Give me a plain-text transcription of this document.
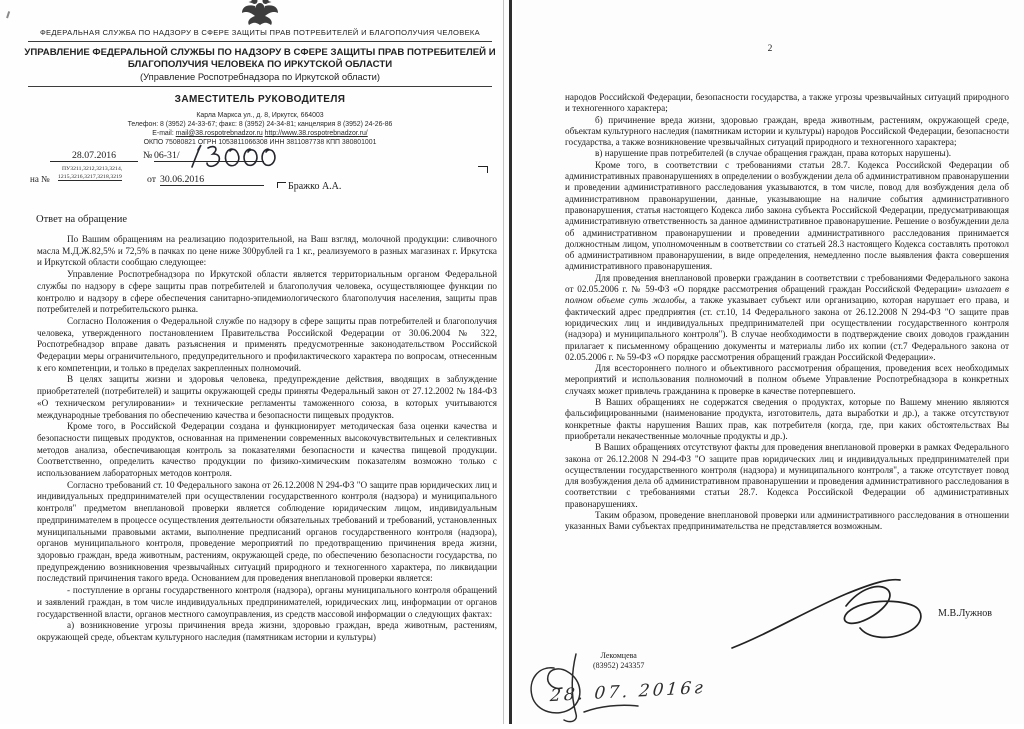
ФЕДЕРАЛЬНАЯ СЛУЖБА ПО НАДЗОРУ В СФЕРЕ ЗАЩИТЫ ПРАВ ПОТРЕБИТЕЛЕЙ И БЛАГОПОЛУЧИЯ ЧЕЛОВЕКА
УПРАВЛЕНИЕ ФЕДЕРАЛЬНОЙ СЛУЖБЫ ПО НАДЗОРУ В СФЕРЕ ЗАЩИТЫ ПРАВ ПОТРЕБИТЕЛЕЙ И БЛАГОПОЛУЧИЯ ЧЕЛОВЕКА ПО ИРКУТСКОЙ ОБЛАСТИ
(Управление Роспотребнадзора по Иркутской области)
ЗАМЕСТИТЕЛЬ РУКОВОДИТЕЛЯ
Карла Маркса ул., д. 8, Иркутск, 664003
Телефон: 8 (3952) 24-33-67; факс: 8 (3952) 24-34-81; канцелярия 8 (3952) 24-26-86
E-mail: mail@38.rospotrebnadzor.ru http://www.38.rospotrebnadzor.ru/
ОКПО 75080821 ОГРН 1053811066308 ИНН 3811087738 КПП 380801001
28.07.2016	№ 06-31/
ПУ3211,3212,3213,3214,
на № 1215,3216,3217,3218,3219	от 30.06.2016
Бражко А.А.
Ответ на обращение

По Вашим обращениям на реализацию подозрительной, на Ваш взгляд, молочной продукции: сливочного масла М.Д.Ж.82,5% и 72,5% в пачках по цене ниже 300рублей га 1 кг., реализуемого в разных магазинах г. Иркутска и Иркутской области сообщаю следующее:

Управление Роспотребнадзора по Иркутской области является территориальным органом Федеральной службы по надзору в сфере защиты прав потребителей и благополучия человека, осуществляющее функции по контролю и надзору в сфере обеспечения санитарно-эпидемиологического благополучия населения, защиты прав потребителей и потребительского рынка.

Согласно Положения о Федеральной службе по надзору в сфере защиты прав потребителей и благополучия человека, утвержденного постановлением Правительства Российской Федерации от 30.06.2004 № 322, Роспотребнадзор вправе давать разъяснения и применять предусмотренные законодательством Российской Федерации меры ограничительного, предупредительного и профилактического характера по вопросам, отнесенным к его компетенции, и только в пределах закрепленных полномочий.

В целях защиты жизни и здоровья человека, предупреждение действия, вводящих в заблуждение приобретателей (потребителей) и защиты окружающей среды приняты Федеральный закон от 27.12.2002 № 184-ФЗ «О техническом регулировании» и технические регламенты таможенного союза, в которых учитываются международные требования по обеспечению качества и безопасности пищевых продуктов.

Кроме того, в Российской Федерации создана и функционирует методическая база оценки качества и безопасности пищевых продуктов, основанная на применении современных высокочувствительных и селективных методов анализа, обеспечивающая контроль за показателями безопасности и качества пищевой продукции. Соответственно, определить качество продукции по физико-химическим показателям возможно только с использованием лабораторных методов контроля.

Согласно требований ст. 10 Федерального закона от 26.12.2008 N 294-ФЗ "О защите прав юридических лиц и индивидуальных предпринимателей при осуществлении государственного контроля (надзора) и муниципального контроля" предметом внеплановой проверки является соблюдение юридическим лицом, индивидуальным предпринимателем в процессе осуществления деятельности обязательных требований и требований, установленных муниципальными правовыми актами, выполнение предписаний органов государственного контроля (надзора), органов муниципального контроля, проведение мероприятий по предотвращению причинения вреда жизни, здоровью граждан, вреда животным, растениям, окружающей среде, по обеспечению безопасности государства, по предупреждению возникновения чрезвычайных ситуаций природного и техногенного характера, по ликвидации последствий причинения такого вреда. Основанием для проведения внеплановой проверки является:

- поступление в органы государственного контроля (надзора), органы муниципального контроля обращений и заявлений граждан, в том числе индивидуальных предпринимателей, юридических лиц, информации от органов государственной власти, органов местного самоуправления, из средств массовой информации о следующих фактах:

а) возникновение угрозы причинения вреда жизни, здоровью граждан, вреда животным, растениям, окружающей среде, объектам культурного наследия (памятникам истории и культуры)

2

народов Российской Федерации, безопасности государства, а также угрозы чрезвычайных ситуаций природного и техногенного характера;

б) причинение вреда жизни, здоровью граждан, вреда животным, растениям, окружающей среде, объектам культурного наследия (памятникам истории и культуры) народов Российской Федерации, безопасности государства, а также возникновение чрезвычайных ситуаций природного и техногенного характера;

в) нарушение прав потребителей (в случае обращения граждан, права которых нарушены).

Кроме того, в соответствии с требованиями статьи 28.7. Кодекса Российской Федерации об административных правонарушениях в определении о возбуждении дела об административном правонарушении и проведении административного расследования указываются, в том числе, повод для возбуждения дела об административном правонарушении, данные, указывающие на наличие события административного правонарушения, статья настоящего Кодекса либо закона субъекта Российской Федерации, предусматривающая административную ответственность за данное административное правонарушение. Решение о возбуждении дела об административном правонарушении и проведении административного расследования принимается должностным лицом, уполномоченным в соответствии со статьей 28.3 настоящего Кодекса составлять протокол об административном правонарушении, в виде определения, немедленно после выявления факта совершения административного правонарушения.

Для проведения внеплановой проверки гражданин в соответствии с требованиями Федерального закона от 02.05.2006 г. № 59-ФЗ «О порядке рассмотрения обращений граждан Российской Федерации» излагает в полном объеме суть жалобы, а также указывает субъект или организацию, которая нарушает его права, и фактический адрес предприятия (ст. ст.10, 14 Федерального закона от 26.12.2008 N 294-ФЗ "О защите прав юридических лиц и индивидуальных предпринимателей при осуществлении государственного контроля (надзора) и муниципального контроля"). В случае необходимости в подтверждение своих доводов гражданин прилагает к письменному обращению документы и материалы либо их копии (ст.7 Федерального закона от 02.05.2006 г. № 59-ФЗ «О порядке рассмотрения обращений граждан Российской Федерации».

Для всестороннего полного и объективного рассмотрения обращения, проведения всех необходимых мероприятий и использования полномочий в полном объеме Управление Роспотребнадзора в конкретных случаях может привлечь гражданина к проверке в качестве потерпевшего.

В Ваших обращениях не содержатся сведения о продуктах, которые по Вашему мнению являются фальсифицированными (наименование продукта, изготовитель, дата выработки и др.), а также отсутствуют конкретные факты нарушения Ваших прав, как потребителя (когда, где, при каких обстоятельствах Вы приобретали некачественные молочные продукты и др.).

В Ваших обращениях отсутствуют факты для проведения внеплановой проверки в рамках Федерального закона от 26.12.2008 N 294-ФЗ "О защите прав юридических лиц и индивидуальных предпринимателей при осуществлении государственного контроля (надзора) и муниципального контроля", а также отсутствует повод для возбуждения дела об административном правонарушении и проведения административного расследования в соответствии с требованиями статьи 28.7. Кодекса Российской Федерации об административных правонарушениях.

Таким образом, проведение внеплановой проверки или административного расследования в отношении указанных Вами субъектах предпринимательства не представляется возможным.

М.В.Лужнов
Лекомцева
(83952) 243357
28. 07. 2016г
